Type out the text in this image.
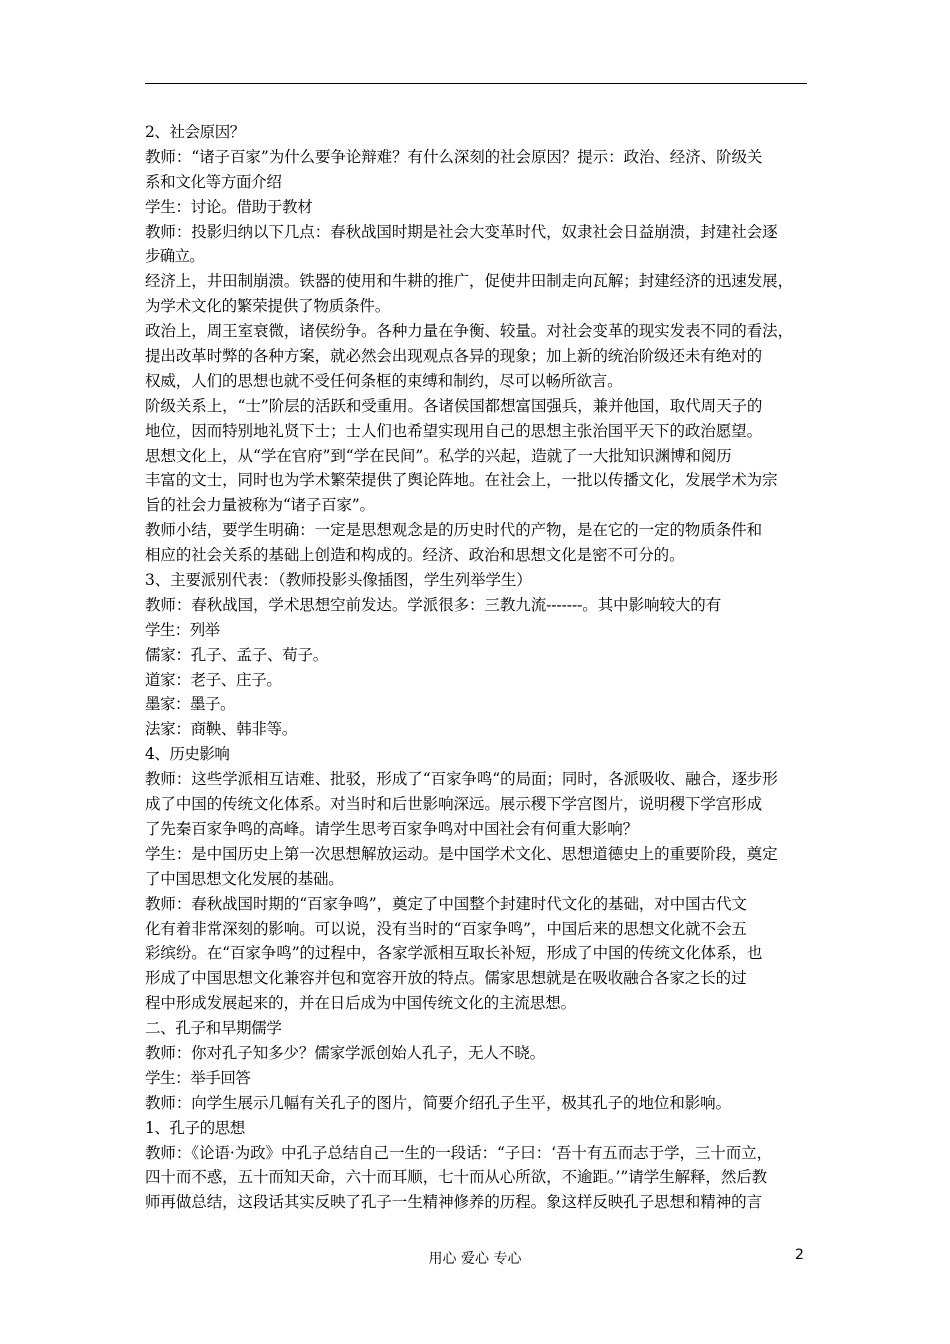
2、社会原因？
教师：“诸子百家”为什么要争论辩难？有什么深刻的社会原因？提示：政治、经济、阶级关
系和文化等方面介绍
学生：讨论。借助于教材
教师：投影归纳以下几点：春秋战国时期是社会大变革时代，奴隶社会日益崩溃，封建社会逐
步确立。
经济上，井田制崩溃。铁器的使用和牛耕的推广，促使井田制走向瓦解；封建经济的迅速发展，
为学术文化的繁荣提供了物质条件。
政治上，周王室衰微，诸侯纷争。各种力量在争衡、较量。对社会变革的现实发表不同的看法，
提出改革时弊的各种方案，就必然会出现观点各异的现象；加上新的统治阶级还未有绝对的
权威，人们的思想也就不受任何条框的束缚和制约，尽可以畅所欲言。
阶级关系上，“士”阶层的活跃和受重用。各诸侯国都想富国强兵，兼并他国，取代周天子的
地位，因而特别地礼贤下士；士人们也希望实现用自己的思想主张治国平天下的政治愿望。
思想文化上，从“学在官府”到“学在民间”。私学的兴起，造就了一大批知识渊博和阅历
丰富的文士，同时也为学术繁荣提供了舆论阵地。在社会上，一批以传播文化，发展学术为宗
旨的社会力量被称为“诸子百家”。
教师小结，要学生明确：一定是思想观念是的历史时代的产物，是在它的一定的物质条件和
相应的社会关系的基础上创造和构成的。经济、政治和思想文化是密不可分的。
3、主要派别代表：（教师投影头像插图，学生列举学生）
教师：春秋战国，学术思想空前发达。学派很多：三教九流-------。其中影响较大的有
学生：列举
儒家：孔子、孟子、荀子。
道家：老子、庄子。
墨家：墨子。
法家：商鞅、韩非等。
4、历史影响
教师：这些学派相互诘难、批驳，形成了“百家争鸣“的局面；同时，各派吸收、融合，逐步形
成了中国的传统文化体系。对当时和后世影响深远。展示稷下学宫图片，说明稷下学宫形成
了先秦百家争鸣的高峰。请学生思考百家争鸣对中国社会有何重大影响？
学生：是中国历史上第一次思想解放运动。是中国学术文化、思想道德史上的重要阶段，奠定
了中国思想文化发展的基础。
教师：春秋战国时期的“百家争鸣”，奠定了中国整个封建时代文化的基础，对中国古代文
化有着非常深刻的影响。可以说，没有当时的“百家争鸣”，中国后来的思想文化就不会五
彩缤纷。在“百家争鸣”的过程中，各家学派相互取长补短，形成了中国的传统文化体系，也
形成了中国思想文化兼容并包和宽容开放的特点。儒家思想就是在吸收融合各家之长的过
程中形成发展起来的，并在日后成为中国传统文化的主流思想。
二、孔子和早期儒学
教师：你对孔子知多少？儒家学派创始人孔子，无人不晓。
学生：举手回答
教师：向学生展示几幅有关孔子的图片，简要介绍孔子生平，极其孔子的地位和影响。
1、孔子的思想
教师：《论语·为政》中孔子总结自己一生的一段话：“子曰：‘吾十有五而志于学，三十而立，
四十而不惑，五十而知天命，六十而耳顺，七十而从心所欲，不逾距。’”请学生解释，然后教
师再做总结，这段话其实反映了孔子一生精神修养的历程。象这样反映孔子思想和精神的言
用心 爱心 专心	2
